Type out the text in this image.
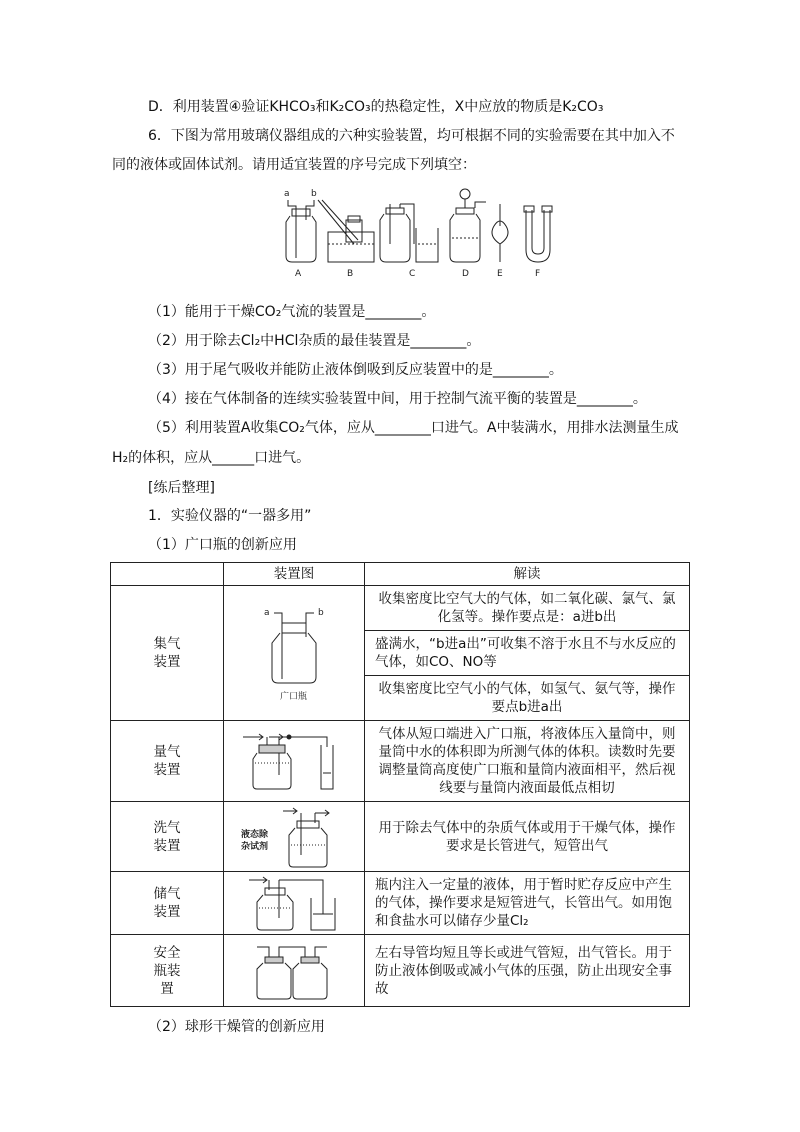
D．利用装置④验证KHCO₃和K₂CO₃的热稳定性，X中应放的物质是K₂CO₃
6．下图为常用玻璃仪器组成的六种实验装置，均可根据不同的实验需要在其中加入不
同的液体或固体试剂。请用适宜装置的序号完成下列填空：
a b
A	B	C	D	E	F
（1）能用于干燥CO₂气流的装置是________。
（2）用于除去Cl₂中HCl杂质的最佳装置是________。
（3）用于尾气吸收并能防止液体倒吸到反应装置中的是________。
（4）接在气体制备的连续实验装置中间，用于控制气流平衡的装置是________。
（5）利用装置A收集CO₂气体，应从________口进气。A中装满水，用排水法测量生成
H₂的体积，应从______口进气。
[练后整理]
1．实验仪器的“一器多用”
（1）广口瓶的创新应用
	装置图	解读

集气
装置	a b
广口瓶	收集密度比空气大的气体，如二氧化碳、氯气、氯化氢等。操作要点是：a进b出
		盛满水，“b进a出”可收集不溶于水且不与水反应的气体，如CO、NO等
		收集密度比空气小的气体，如氢气、氨气等，操作要点b进a出

量气
装置		气体从短口端进入广口瓶，将液体压入量筒中，则量筒中水的体积即为所测气体的体积。读数时先要调整量筒高度使广口瓶和量筒内液面相平，然后视线要与量筒内液面最低点相切

洗气
装置	液态除
杂试剂	用于除去气体中的杂质气体或用于干燥气体，操作要求是长管进气，短管出气

储气
装置		瓶内注入一定量的液体，用于暂时贮存反应中产生的气体，操作要求是短管进气，长管出气。如用饱和食盐水可以储存少量Cl₂

安全
瓶装
置		左右导管均短且等长或进气管短，出气管长。用于防止液体倒吸或减小气体的压强，防止出现安全事故
（2）球形干燥管的创新应用
